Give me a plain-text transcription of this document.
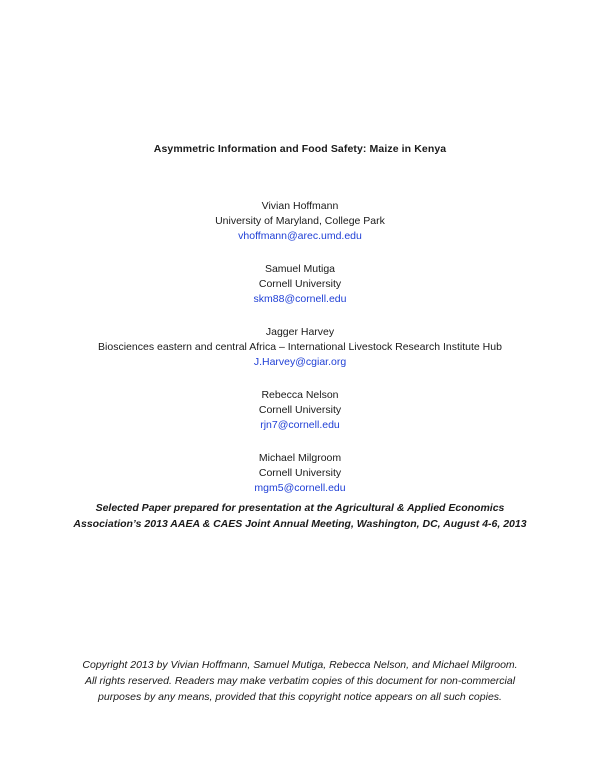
Asymmetric Information and Food Safety: Maize in Kenya
Vivian Hoffmann
University of Maryland, College Park
vhoffmann@arec.umd.edu
Samuel Mutiga
Cornell University
skm88@cornell.edu
Jagger Harvey
Biosciences eastern and central Africa – International Livestock Research Institute Hub
J.Harvey@cgiar.org
Rebecca Nelson
Cornell University
rjn7@cornell.edu
Michael Milgroom
Cornell University
mgm5@cornell.edu
Selected Paper prepared for presentation at the Agricultural & Applied Economics
Association’s 2013 AAEA & CAES Joint Annual Meeting, Washington, DC, August 4-6, 2013
Copyright 2013 by Vivian Hoffmann, Samuel Mutiga, Rebecca Nelson, and Michael Milgroom.
All rights reserved. Readers may make verbatim copies of this document for non-commercial
purposes by any means, provided that this copyright notice appears on all such copies.
